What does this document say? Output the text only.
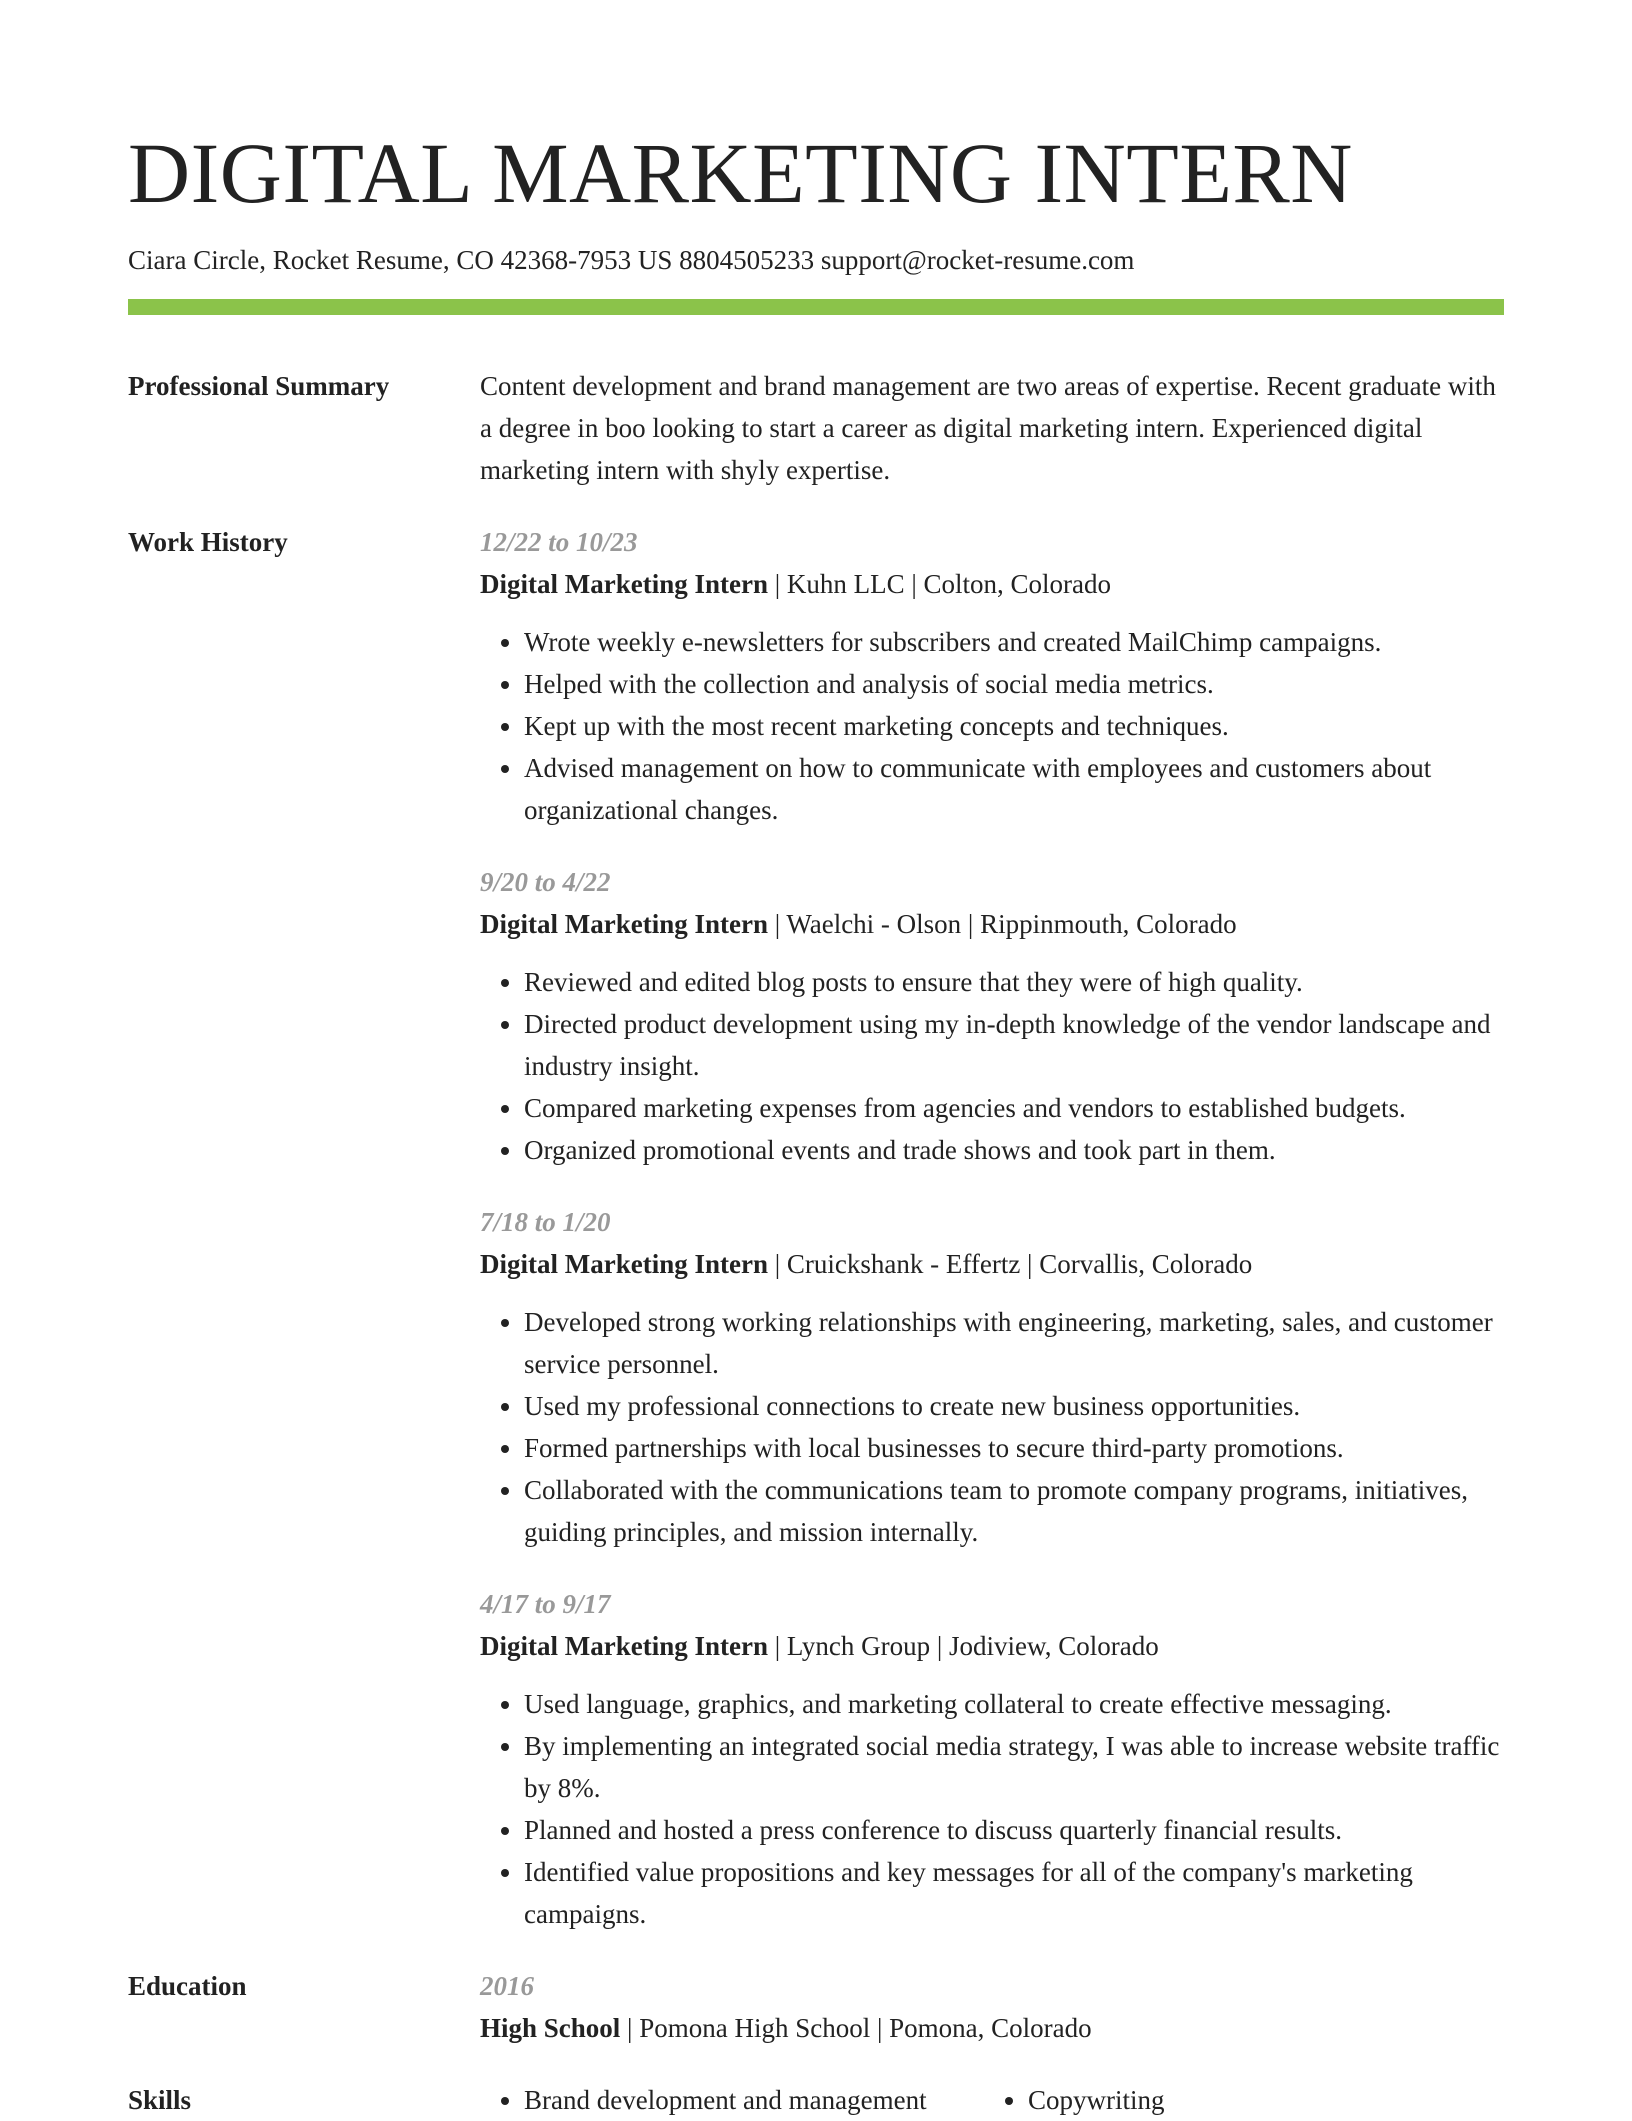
DIGITAL MARKETING INTERN
Ciara Circle, Rocket Resume, CO 42368-7953 US 8804505233 support@rocket-resume.com
Professional Summary	Content development and brand management are two areas of expertise. Recent graduate with a degree in boo looking to start a career as digital marketing intern. Experienced digital marketing intern with shyly expertise.
Work History	12/22 to 10/23
Digital Marketing Intern | Kuhn LLC | Colton, Colorado
• Wrote weekly e-newsletters for subscribers and created MailChimp campaigns.
• Helped with the collection and analysis of social media metrics.
• Kept up with the most recent marketing concepts and techniques.
• Advised management on how to communicate with employees and customers about organizational changes.
9/20 to 4/22
Digital Marketing Intern | Waelchi - Olson | Rippinmouth, Colorado
• Reviewed and edited blog posts to ensure that they were of high quality.
• Directed product development using my in-depth knowledge of the vendor landscape and industry insight.
• Compared marketing expenses from agencies and vendors to established budgets.
• Organized promotional events and trade shows and took part in them.
7/18 to 1/20
Digital Marketing Intern | Cruickshank - Effertz | Corvallis, Colorado
• Developed strong working relationships with engineering, marketing, sales, and customer service personnel.
• Used my professional connections to create new business opportunities.
• Formed partnerships with local businesses to secure third-party promotions.
• Collaborated with the communications team to promote company programs, initiatives, guiding principles, and mission internally.
4/17 to 9/17
Digital Marketing Intern | Lynch Group | Jodiview, Colorado
• Used language, graphics, and marketing collateral to create effective messaging.
• By implementing an integrated social media strategy, I was able to increase website traffic by 8%.
• Planned and hosted a press conference to discuss quarterly financial results.
• Identified value propositions and key messages for all of the company's marketing campaigns.
Education	2016
High School | Pomona High School | Pomona, Colorado
Skills	• Brand development and management	• Copywriting
